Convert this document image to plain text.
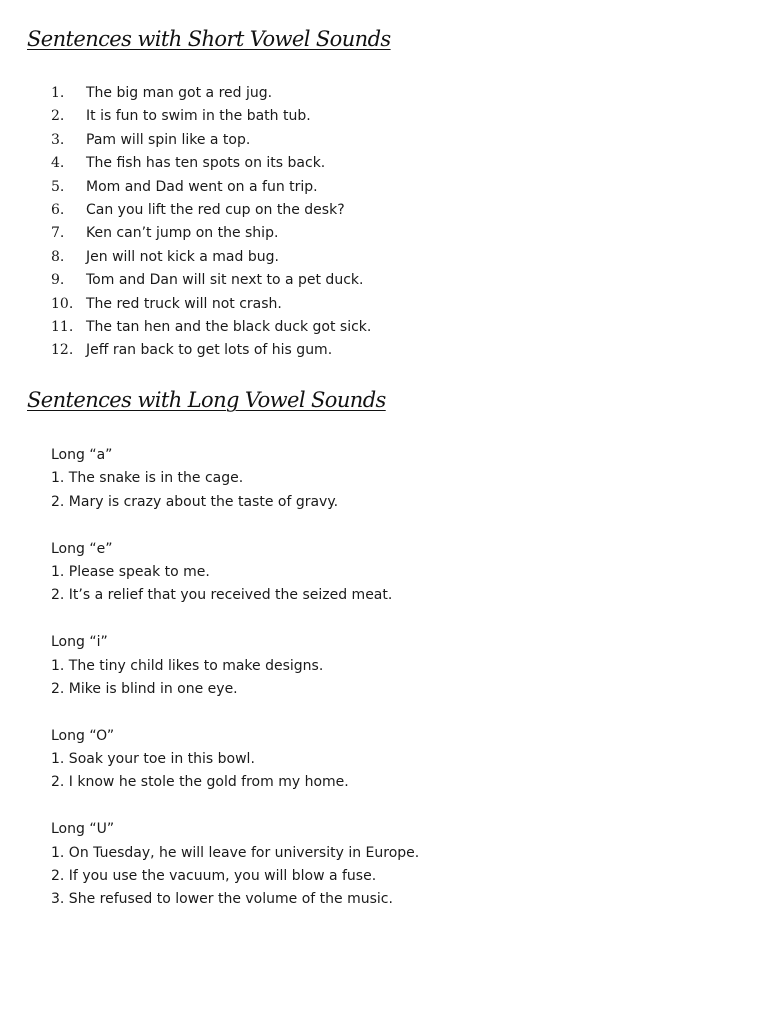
Sentences with Short Vowel Sounds
1.	The big man got a red jug.
2.	It is fun to swim in the bath tub.
3.	Pam will spin like a top.
4.	The fish has ten spots on its back.
5.	Mom and Dad went on a fun trip.
6.	Can you lift the red cup on the desk?
7.	Ken can’t jump on the ship.
8.	Jen will not kick a mad bug.
9.	Tom and Dan will sit next to a pet duck.
10. The red truck will not crash.
11. The tan hen and the black duck got sick.
12. Jeff ran back to get lots of his gum.
Sentences with Long Vowel Sounds
Long “a”
1. The snake is in the cage.
2. Mary is crazy about the taste of gravy.
Long “e”
1. Please speak to me.
2. It’s a relief that you received the seized meat.
Long “i”
1. The tiny child likes to make designs.
2. Mike is blind in one eye.
Long “O”
1. Soak your toe in this bowl.
2. I know he stole the gold from my home.
Long “U”
1. On Tuesday, he will leave for university in Europe.
2. If you use the vacuum, you will blow a fuse.
3. She refused to lower the volume of the music.
